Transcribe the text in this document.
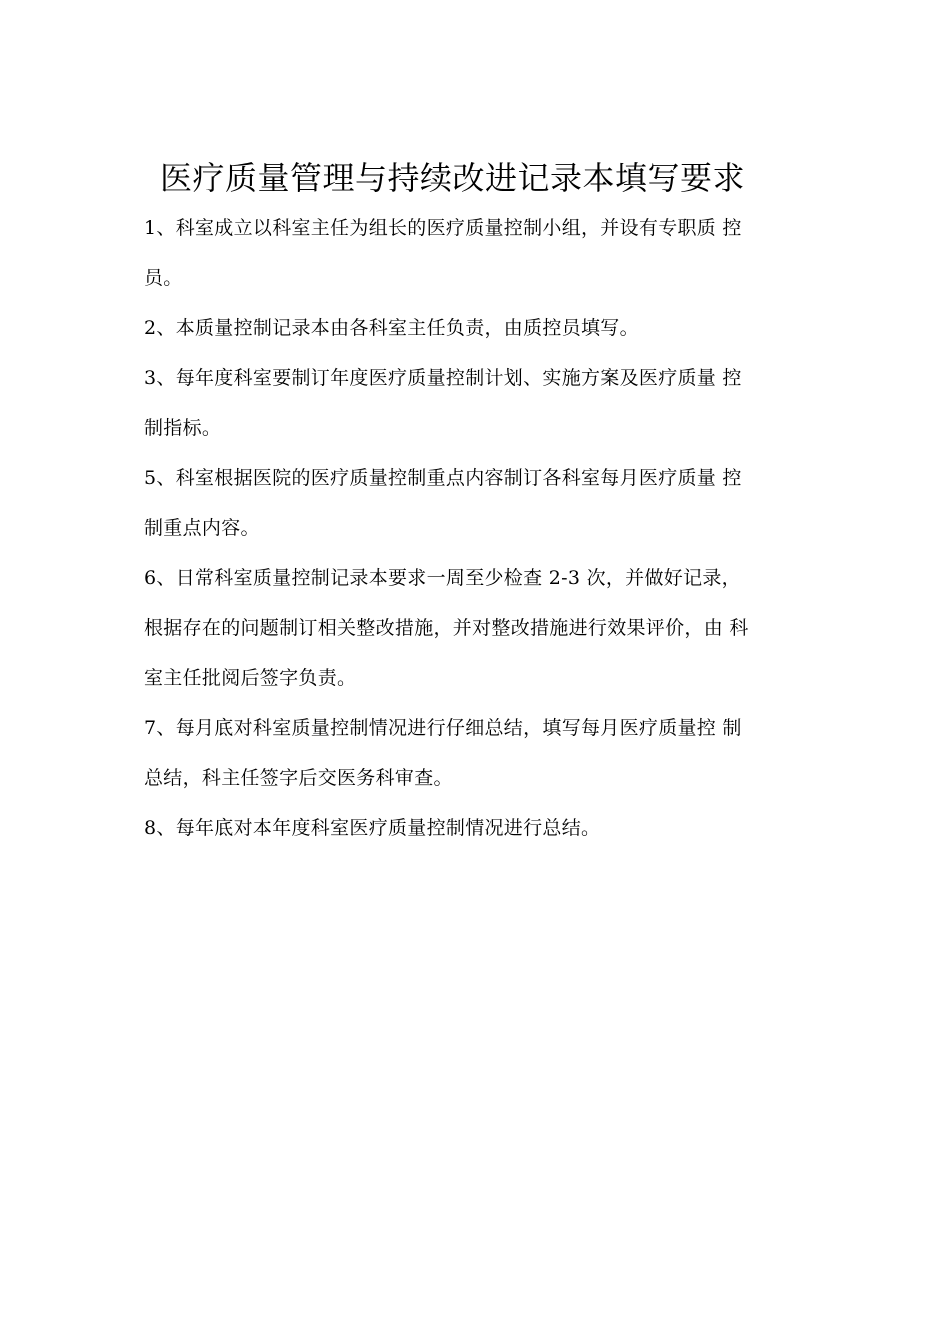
医疗质量管理与持续改进记录本填写要求
1、科室成立以科室主任为组长的医疗质量控制小组，并设有专职质 控
员。
2、本质量控制记录本由各科室主任负责，由质控员填写。
3、每年度科室要制订年度医疗质量控制计划、实施方案及医疗质量 控
制指标。
5、科室根据医院的医疗质量控制重点内容制订各科室每月医疗质量 控
制重点内容。
6、日常科室质量控制记录本要求一周至少检查 2-3 次，并做好记录，
根据存在的问题制订相关整改措施，并对整改措施进行效果评价，由 科
室主任批阅后签字负责。
7、每月底对科室质量控制情况进行仔细总结，填写每月医疗质量控 制
总结，科主任签字后交医务科审查。
8、每年底对本年度科室医疗质量控制情况进行总结。
